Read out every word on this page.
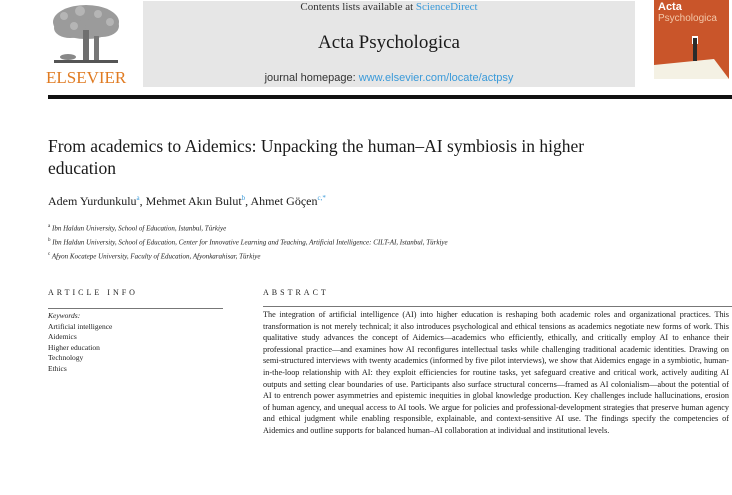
ELSEVIER
Contents lists available at ScienceDirect
Acta Psychologica
journal homepage: www.elsevier.com/locate/actpsy
Acta
Psychologica
From academics to Aidemics: Unpacking the human–AI symbiosis in higher education
Adem Yurdunkulu$^a$, Mehmet Akın Bulut$^b$, Ahmet Göçen$^{c,*}$
$^a$ Ibn Haldun University, School of Education, Istanbul, Türkiye
$^b$ Ibn Haldun University, School of Education, Center for Innovative Learning and Teaching, Artificial Intelligence: CILT-AI, Istanbul, Türkiye
$^c$ Afyon Kocatepe University, Faculty of Education, Afyonkarahisar, Türkiye
ARTICLE INFO
Keywords:
Artificial intelligence
Aidemics
Higher education
Technology
Ethics
ABSTRACT

The integration of artificial intelligence (AI) into higher education is reshaping both academic roles and organizational practices. This transformation is not merely technical; it also introduces psychological and ethical tensions as academics negotiate new forms of work. This qualitative study advances the concept of Aidemics—academics who efficiently, ethically, and critically employ AI to enhance their professional practice—and examines how AI reconfigures intellectual tasks while challenging traditional academic identities. Drawing on semi-structured interviews with twenty academics (informed by five pilot interviews), we show that Aidemics engage in a symbiotic, human-in-the-loop relationship with AI: they exploit efficiencies for routine tasks, yet safeguard creative and critical work, actively auditing AI outputs and setting clear boundaries of use. Participants also surface structural concerns—framed as AI colonialism—about the potential of AI to entrench power asymmetries and epistemic inequities in global knowledge production. Key challenges include hallucinations, erosion of human agency, and unequal access to AI tools. We argue for policies and professional-development strategies that preserve human agency and ethical judgment while enabling responsible, explainable, and context-sensitive AI use. The findings specify the competencies of Aidemics and outline supports for balanced human–AI collaboration at individual and institutional levels.
